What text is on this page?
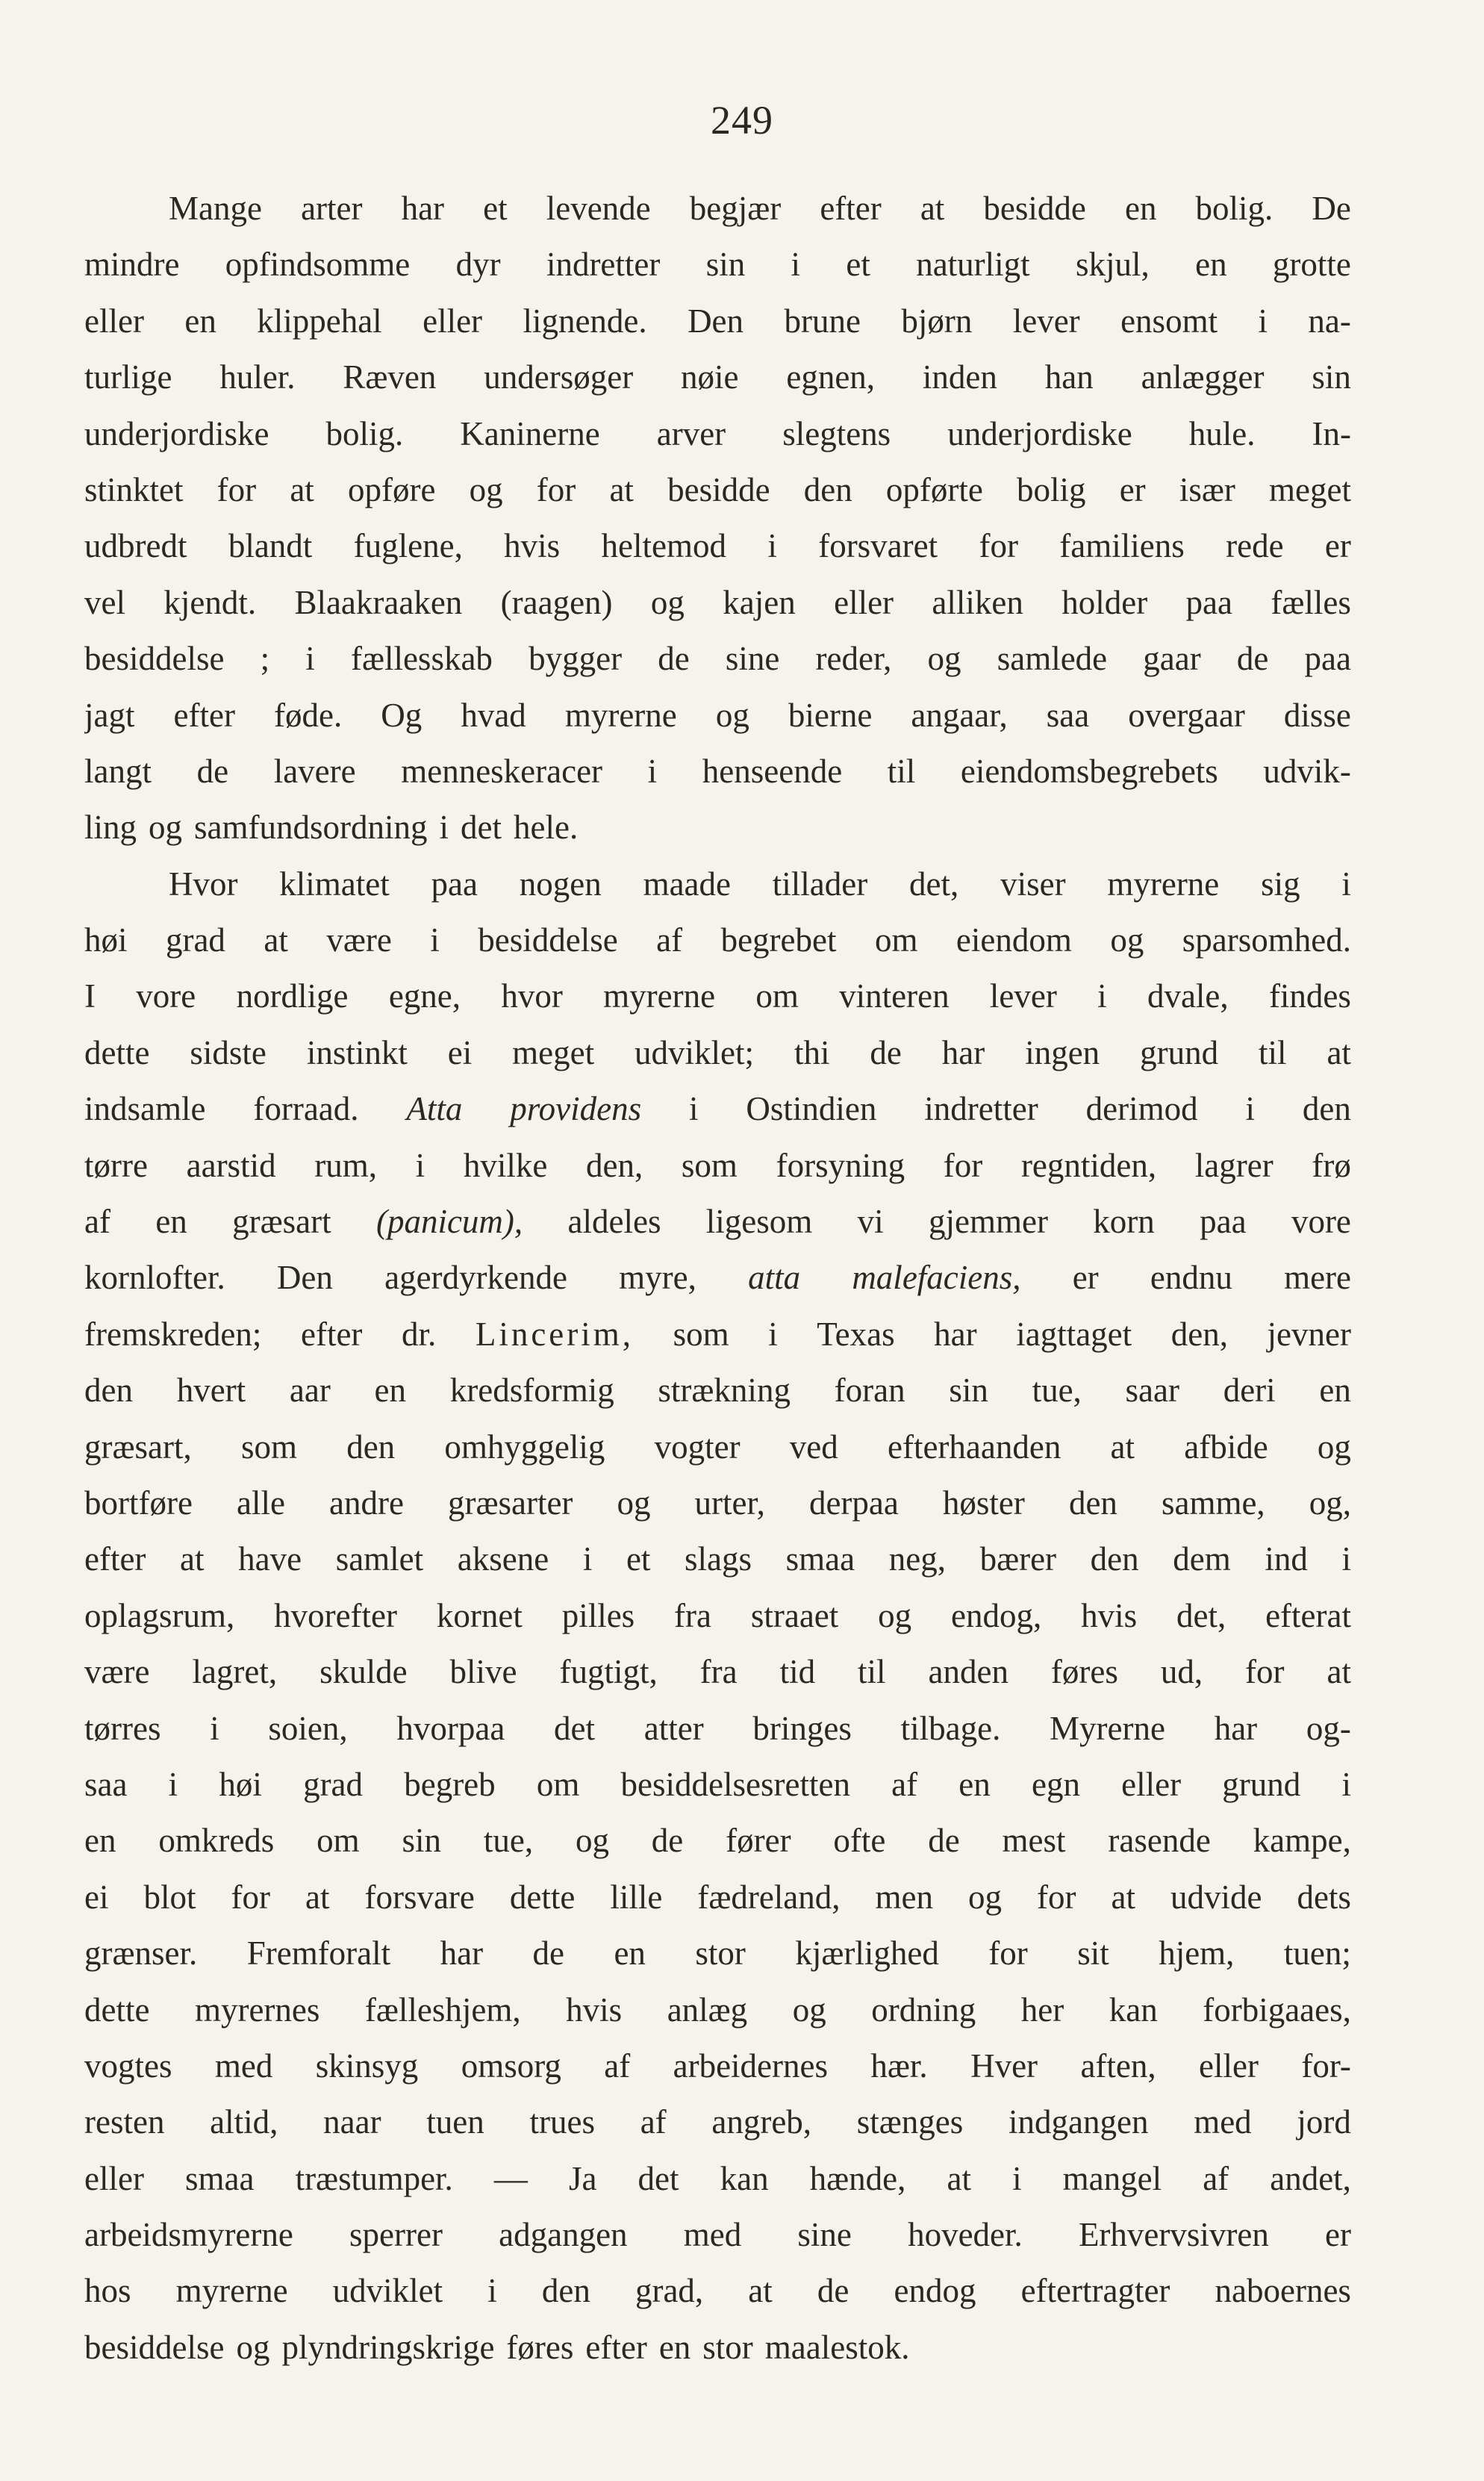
249
Mange arter har et levende begjær efter at besidde en bolig. De
mindre opfindsomme dyr indretter sin i et naturligt skjul, en grotte
eller en klippehal eller lignende. Den brune bjørn lever ensomt i na-
turlige huler. Ræven undersøger nøie egnen, inden han anlægger sin
underjordiske bolig. Kaninerne arver slegtens underjordiske hule. In-
stinktet for at opføre og for at besidde den opførte bolig er især meget
udbredt blandt fuglene, hvis heltemod i forsvaret for familiens rede er
vel kjendt. Blaakraaken (raagen) og kajen eller alliken holder paa fælles
besiddelse ; i fællesskab bygger de sine reder, og samlede gaar de paa
jagt efter føde. Og hvad myrerne og bierne angaar, saa overgaar disse
langt de lavere menneskeracer i henseende til eiendomsbegrebets udvik-
ling og samfundsordning i det hele.
Hvor klimatet paa nogen maade tillader det, viser myrerne sig i
høi grad at være i besiddelse af begrebet om eiendom og sparsomhed.
I vore nordlige egne, hvor myrerne om vinteren lever i dvale, findes
dette sidste instinkt ei meget udviklet; thi de har ingen grund til at
indsamle forraad. Atta providens i Ostindien indretter derimod i den
tørre aarstid rum, i hvilke den, som forsyning for regntiden, lagrer frø
af en græsart (panicum), aldeles ligesom vi gjemmer korn paa vore
kornlofter. Den agerdyrkende myre, atta malefaciens, er endnu mere
fremskreden; efter dr. Lincerim, som i Texas har iagttaget den, jevner
den hvert aar en kredsformig strækning foran sin tue, saar deri en
græsart, som den omhyggelig vogter ved efterhaanden at afbide og
bortføre alle andre græsarter og urter, derpaa høster den samme, og,
efter at have samlet aksene i et slags smaa neg, bærer den dem ind i
oplagsrum, hvorefter kornet pilles fra straaet og endog, hvis det, efterat
være lagret, skulde blive fugtigt, fra tid til anden føres ud, for at
tørres i soien, hvorpaa det atter bringes tilbage. Myrerne har og-
saa i høi grad begreb om besiddelsesretten af en egn eller grund i
en omkreds om sin tue, og de fører ofte de mest rasende kampe,
ei blot for at forsvare dette lille fædreland, men og for at udvide dets
grænser. Fremforalt har de en stor kjærlighed for sit hjem, tuen;
dette myrernes fælleshjem, hvis anlæg og ordning her kan forbigaaes,
vogtes med skinsyg omsorg af arbeidernes hær. Hver aften, eller for-
resten altid, naar tuen trues af angreb, stænges indgangen med jord
eller smaa træstumper. — Ja det kan hænde, at i mangel af andet,
arbeidsmyrerne sperrer adgangen med sine hoveder. Erhvervsivren er
hos myrerne udviklet i den grad, at de endog eftertragter naboernes
besiddelse og plyndringskrige føres efter en stor maalestok.
